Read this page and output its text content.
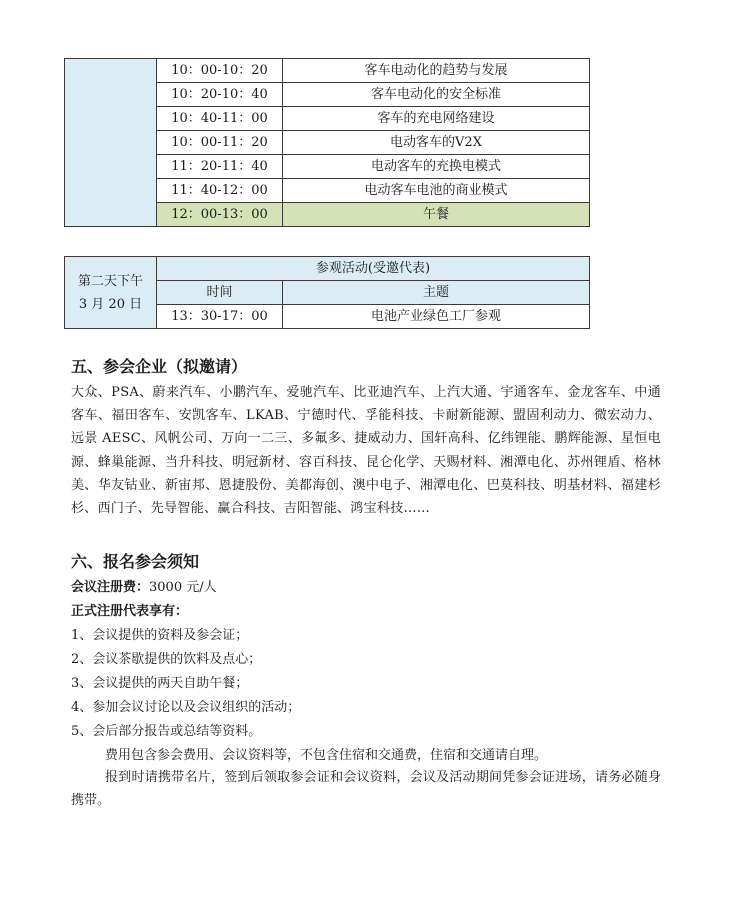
	10：00-10：20	客车电动化的趋势与发展
	10：20-10：40	客车电动化的安全标准
	10：40-11：00	客车的充电网络建设
	10：00-11：20	电动客车的V2X
	11：20-11：40	电动客车的充换电模式
	11：40-12：00	电动客车电池的商业模式
	12：00-13：00	午餐
第二天下午
3 月 20 日	参观活动(受邀代表)	
	时间	主题
	13：30-17：00	电池产业绿色工厂参观
五、参会企业（拟邀请）

大众、PSA、蔚来汽车、小鹏汽车、爱驰汽车、比亚迪汽车、上汽大通、宇通客车、金龙客车、中通客车、福田客车、安凯客车、LKAB、宁德时代、孚能科技、卡耐新能源、盟固利动力、微宏动力、远景 AESC、风帆公司、万向一二三、多氟多、捷威动力、国轩高科、亿纬锂能、鹏辉能源、星恒电源、蜂巢能源、当升科技、明冠新材、容百科技、昆仑化学、天赐材料、湘潭电化、苏州锂盾、格林美、华友钴业、新宙邦、恩捷股份、美都海创、澳中电子、湘潭电化、巴莫科技、明基材料、福建杉杉、西门子、先导智能、赢合科技、吉阳智能、鸿宝科技……

六、报名参会须知

会议注册费：3000 元/人

正式注册代表享有：

1、会议提供的资料及参会证；

2、会议茶歇提供的饮料及点心；

3、会议提供的两天自助午餐；

4、参加会议讨论以及会议组织的活动；

5、会后部分报告或总结等资料。

费用包含参会费用、会议资料等，不包含住宿和交通费，住宿和交通请自理。

报到时请携带名片，签到后领取参会证和会议资料，会议及活动期间凭参会证进场，请务必随身携带。
